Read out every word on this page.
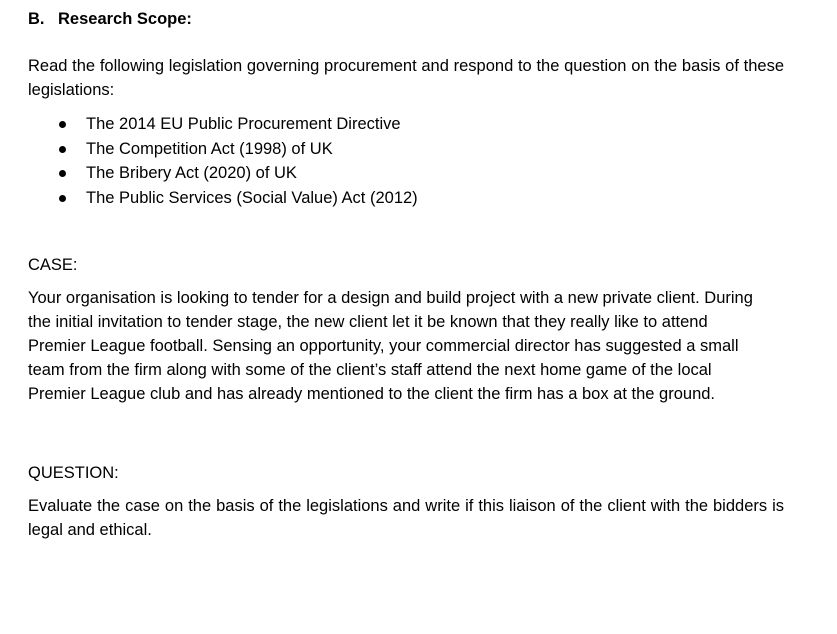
B. Research Scope:
Read the following legislation governing procurement and respond to the question on the basis of these legislations:
The 2014 EU Public Procurement Directive
The Competition Act (1998) of UK
The Bribery Act (2020) of UK
The Public Services (Social Value) Act (2012)
CASE:
Your organisation is looking to tender for a design and build project with a new private client. During the initial invitation to tender stage, the new client let it be known that they really like to attend Premier League football. Sensing an opportunity, your commercial director has suggested a small team from the firm along with some of the client’s staff attend the next home game of the local Premier League club and has already mentioned to the client the firm has a box at the ground.
QUESTION:
Evaluate the case on the basis of the legislations and write if this liaison of the client with the bidders is legal and ethical.
